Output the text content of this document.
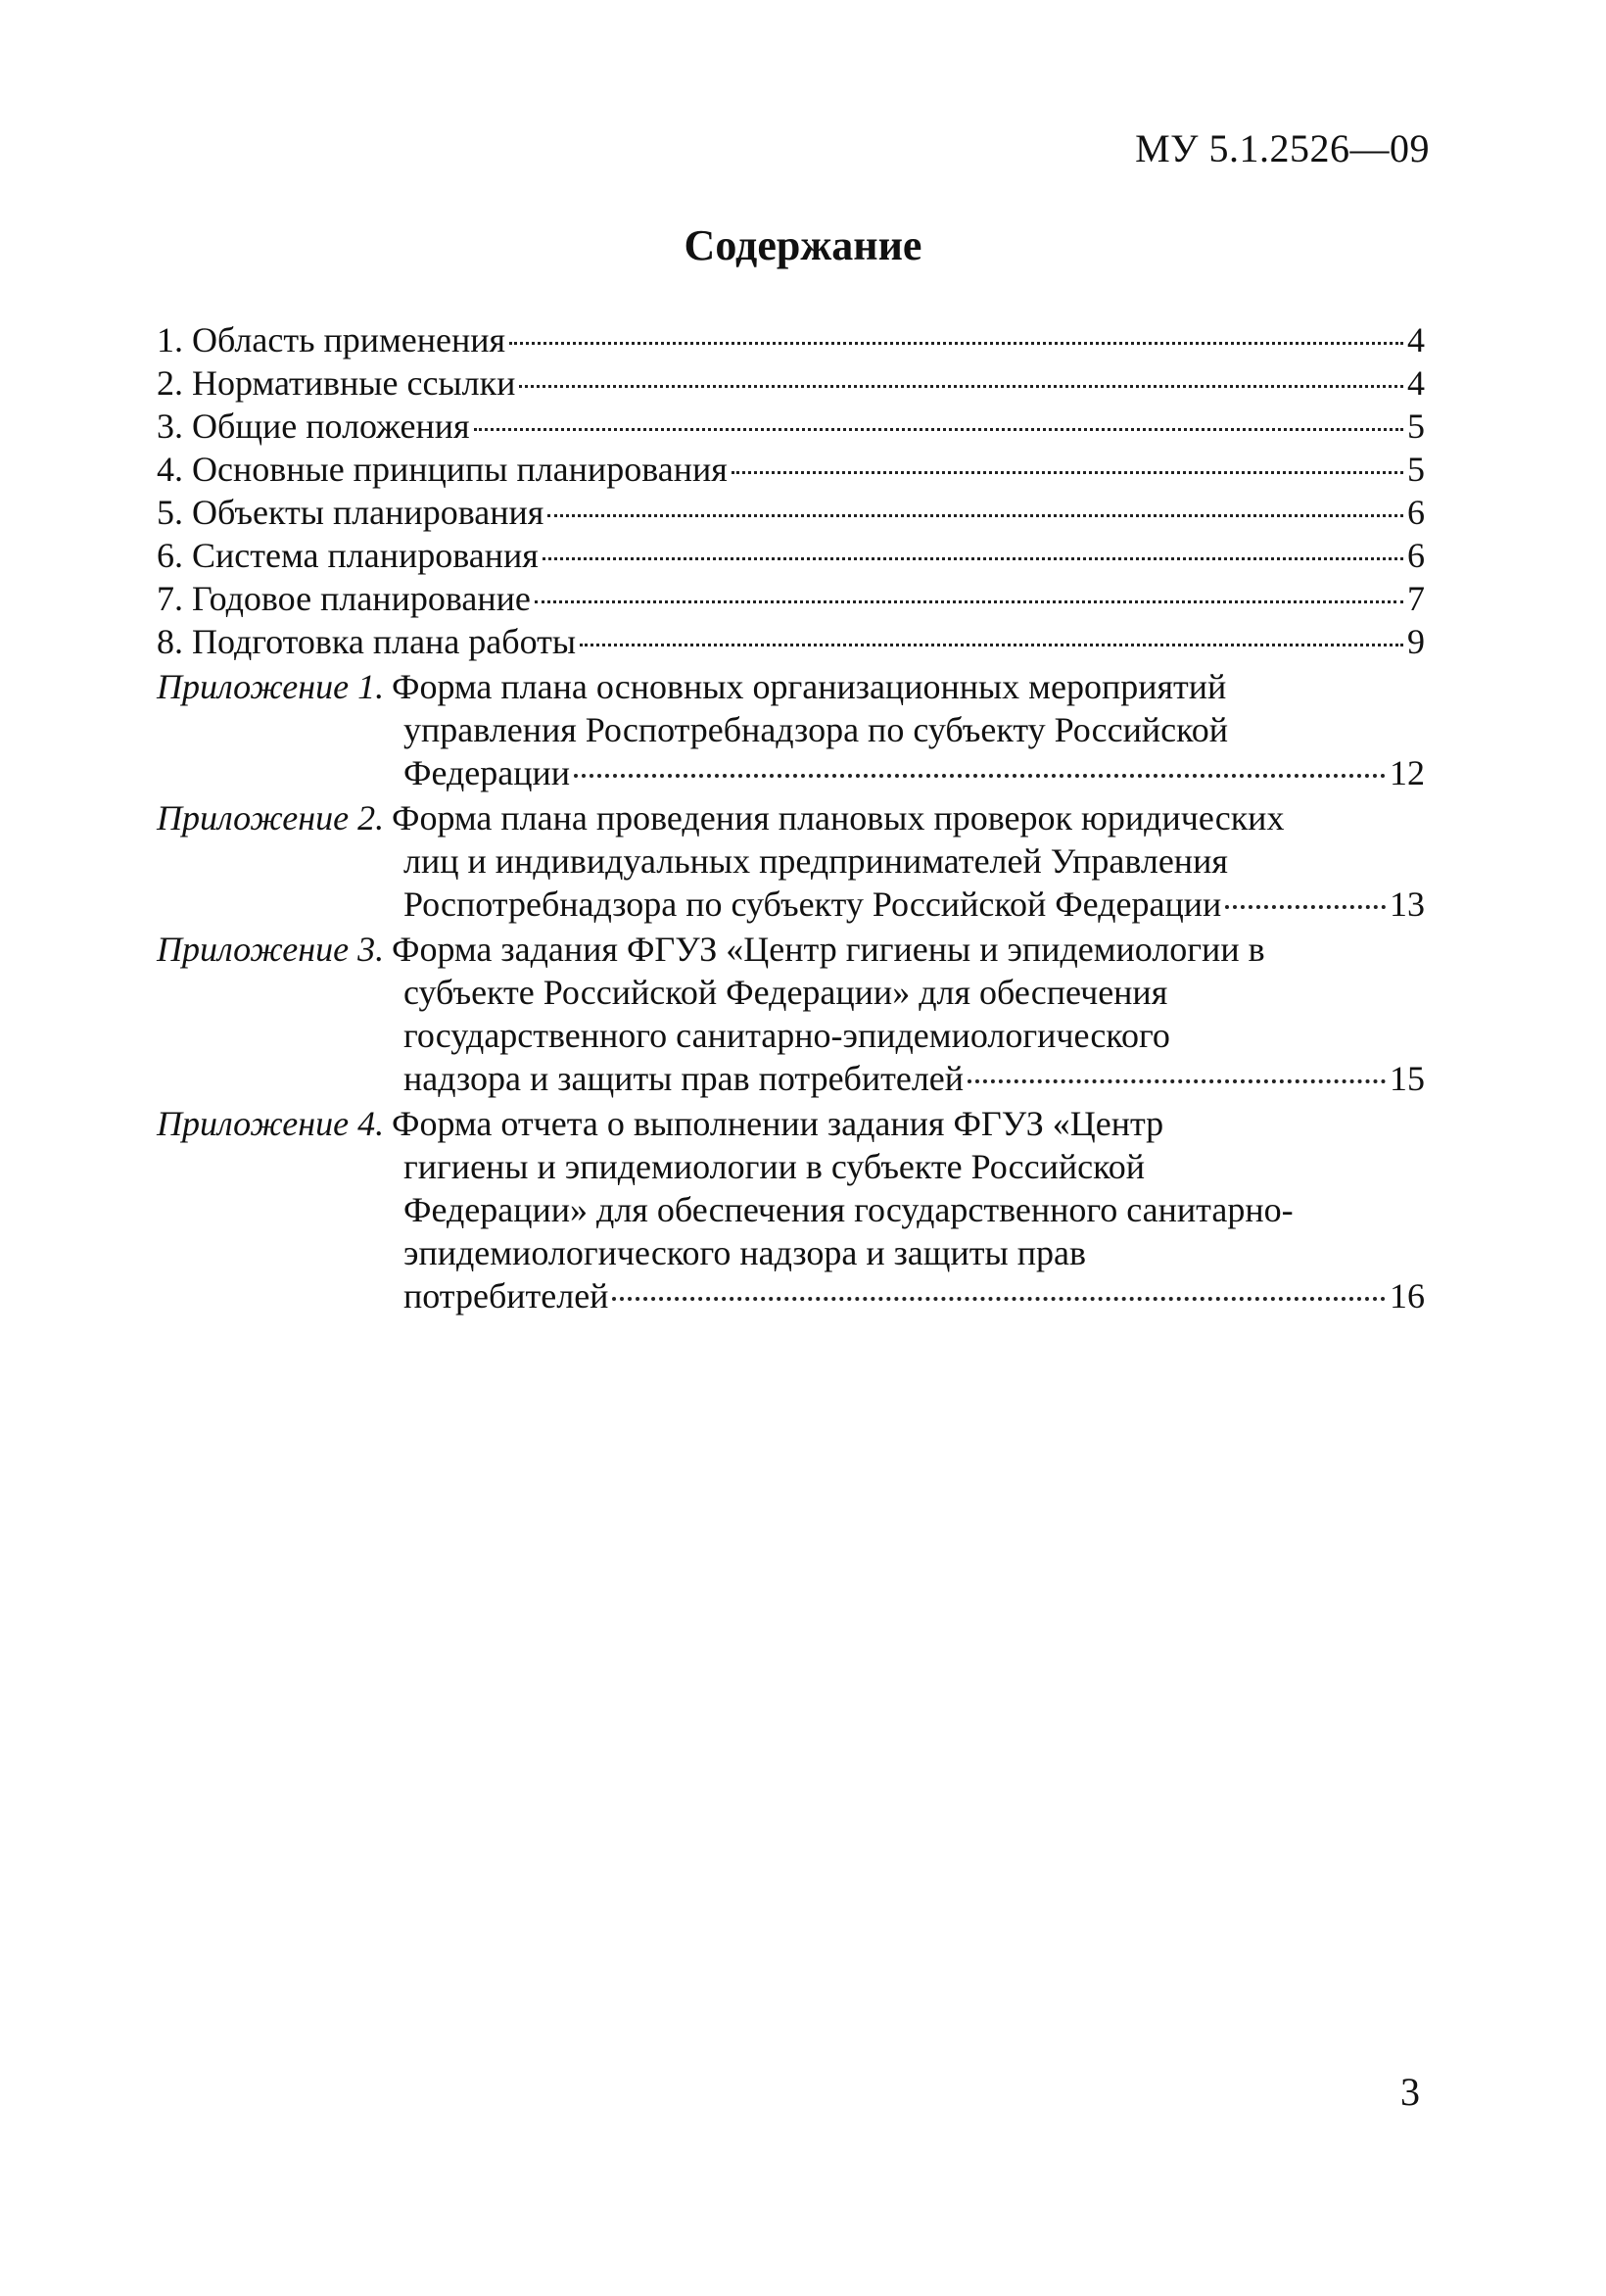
МУ 5.1.2526—09
Содержание
1. Область применения	4
2. Нормативные ссылки	4
3. Общие положения	5
4. Основные принципы планирования	5
5. Объекты планирования	6
6. Система планирования	6
7. Годовое планирование	7
8. Подготовка плана работы	9
Приложение 1. Форма плана основных организационных мероприятий
управления Роспотребнадзора по субъекту Российской
Федерации	12
Приложение 2. Форма плана проведения плановых проверок юридических
лиц и индивидуальных предпринимателей Управления
Роспотребнадзора по субъекту Российской Федерации	13
Приложение 3. Форма задания ФГУЗ «Центр гигиены и эпидемиологии в
субъекте Российской Федерации» для обеспечения
государственного санитарно-эпидемиологического
надзора и защиты прав потребителей	15
Приложение 4. Форма отчета о выполнении задания ФГУЗ «Центр
гигиены и эпидемиологии в субъекте Российской
Федерации» для обеспечения государственного санитарно-
эпидемиологического надзора и защиты прав
потребителей	16
3
